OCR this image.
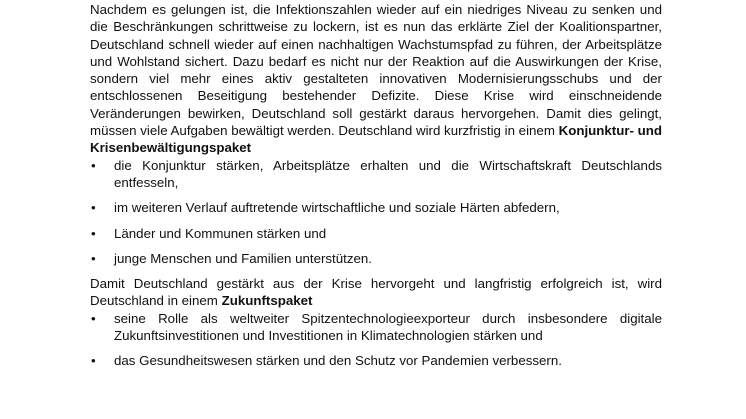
Nachdem es gelungen ist, die Infektionszahlen wieder auf ein niedriges Niveau zu senken und die Beschränkungen schrittweise zu lockern, ist es nun das erklärte Ziel der Koalitionspartner, Deutschland schnell wieder auf einen nachhaltigen Wachstumspfad zu führen, der Arbeitsplätze und Wohlstand sichert. Dazu bedarf es nicht nur der Reaktion auf die Auswirkungen der Krise, sondern viel mehr eines aktiv gestalteten innovativen Modernisierungsschubs und der entschlossenen Beseitigung bestehender Defizite. Diese Krise wird einschneidende Veränderungen bewirken, Deutschland soll gestärkt daraus hervorgehen. Damit dies gelingt, müssen viele Aufgaben bewältigt werden. Deutschland wird kurzfristig in einem Konjunktur- und Krisenbewältigungspaket

• die Konjunktur stärken, Arbeitsplätze erhalten und die Wirtschaftskraft Deutschlands entfesseln,
• im weiteren Verlauf auftretende wirtschaftliche und soziale Härten abfedern,
• Länder und Kommunen stärken und
• junge Menschen und Familien unterstützen.

Damit Deutschland gestärkt aus der Krise hervorgeht und langfristig erfolgreich ist, wird Deutschland in einem Zukunftspaket

• seine Rolle als weltweiter Spitzentechnologieexporteur durch insbesondere digitale Zukunftsinvestitionen und Investitionen in Klimatechnologien stärken und
• das Gesundheitswesen stärken und den Schutz vor Pandemien verbessern.
